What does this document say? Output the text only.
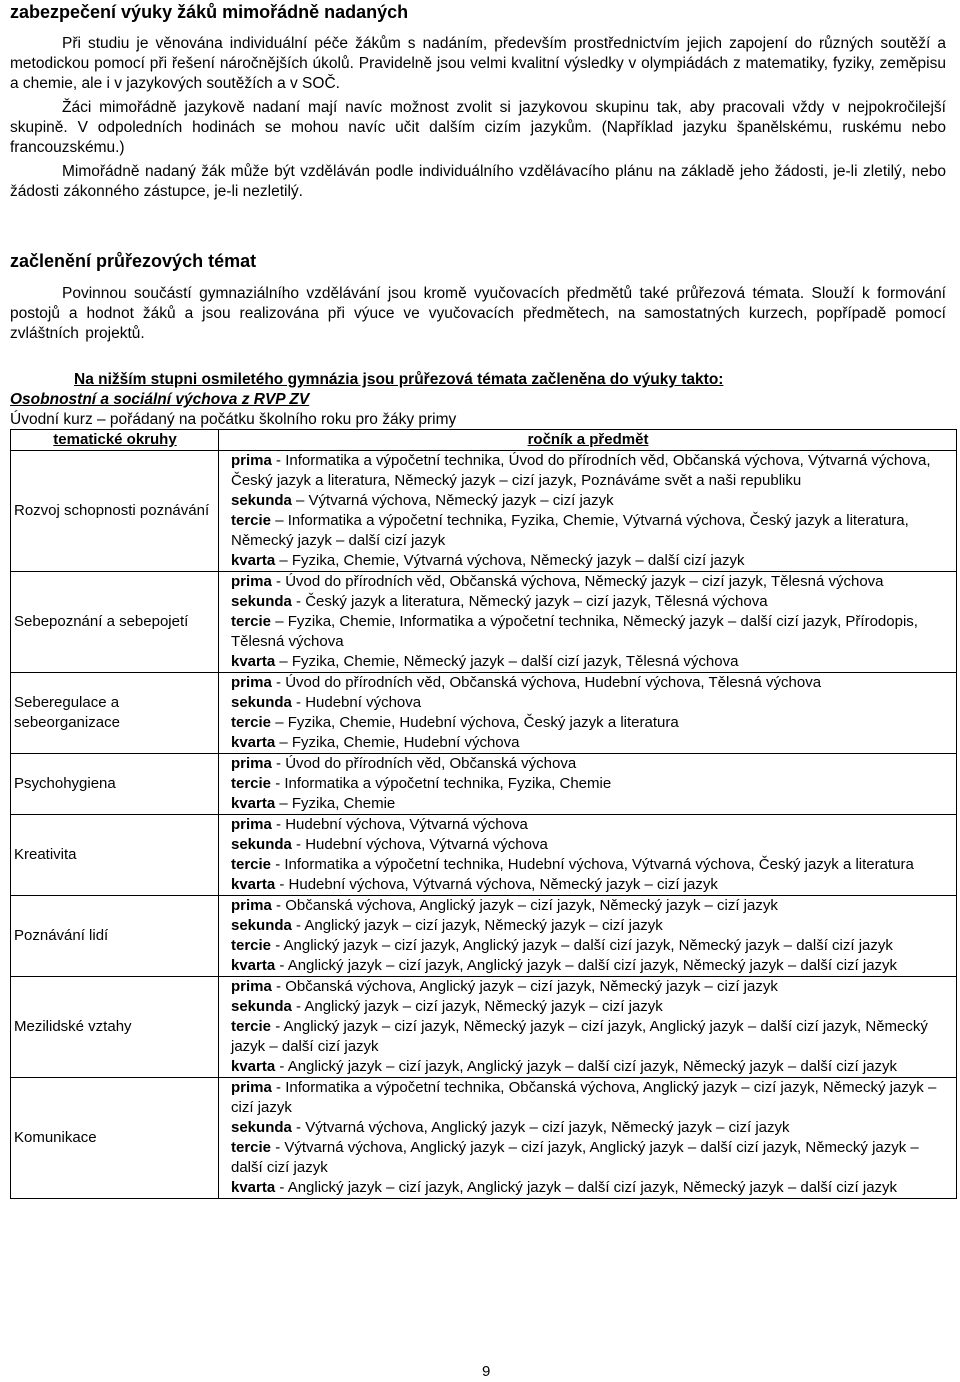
zabezpečení výuky žáků mimořádně nadaných

Při studiu je věnována individuální péče žákům s nadáním, především prostřednictvím jejich zapojení do různých soutěží a metodickou pomocí při řešení náročnějších úkolů. Pravidelně jsou velmi kvalitní výsledky v olympiádách z matematiky, fyziky, zeměpisu a chemie, ale i v jazykových soutěžích a v SOČ.

Žáci mimořádně jazykově nadaní mají navíc možnost zvolit si jazykovou skupinu tak, aby pracovali vždy v nejpokročilejší skupině. V odpoledních hodinách se mohou navíc učit dalším cizím jazykům. (Například jazyku španělskému, ruskému nebo francouzskému.)

Mimořádně nadaný žák může být vzděláván podle individuálního vzdělávacího plánu na základě jeho žádosti, je-li zletilý, nebo žádosti zákonného zástupce, je-li nezletilý.

začlenění průřezových témat

Povinnou součástí gymnaziálního vzdělávání jsou kromě vyučovacích předmětů také průřezová témata. Slouží k formování postojů a hodnot žáků a jsou realizována při výuce ve vyučovacích předmětech, na samostatných kurzech, popřípadě pomocí zvláštních projektů.

Na nižším stupni osmiletého gymnázia jsou průřezová témata začleněna do výuky takto:
Osobnostní a sociální výchova z RVP ZV
Úvodní kurz – pořádaný na počátku školního roku pro žáky primy
tematické okruhy	ročník a předmět
Rozvoj schopnosti poznávání	prima - Informatika a výpočetní technika, Úvod do přírodních věd, Občanská výchova, Výtvarná výchova, Český jazyk a literatura, Německý jazyk – cizí jazyk, Poznáváme svět a naši republiku
sekunda – Výtvarná výchova, Německý jazyk – cizí jazyk
tercie – Informatika a výpočetní technika, Fyzika, Chemie, Výtvarná výchova, Český jazyk a literatura, Německý jazyk – další cizí jazyk
kvarta – Fyzika, Chemie, Výtvarná výchova, Německý jazyk – další cizí jazyk

Sebepoznání a sebepojetí	prima - Úvod do přírodních věd, Občanská výchova, Německý jazyk – cizí jazyk, Tělesná výchova
sekunda - Český jazyk a literatura, Německý jazyk – cizí jazyk, Tělesná výchova
tercie – Fyzika, Chemie, Informatika a výpočetní technika, Německý jazyk – další cizí jazyk, Přírodopis, Tělesná výchova
kvarta – Fyzika, Chemie, Německý jazyk – další cizí jazyk, Tělesná výchova

Seberegulace a sebeorganizace	prima - Úvod do přírodních věd, Občanská výchova, Hudební výchova, Tělesná výchova
sekunda - Hudební výchova
tercie – Fyzika, Chemie, Hudební výchova, Český jazyk a literatura
kvarta – Fyzika, Chemie, Hudební výchova

Psychohygiena	prima - Úvod do přírodních věd, Občanská výchova
tercie - Informatika a výpočetní technika, Fyzika, Chemie
kvarta – Fyzika, Chemie

Kreativita	prima - Hudební výchova, Výtvarná výchova
sekunda - Hudební výchova, Výtvarná výchova
tercie - Informatika a výpočetní technika, Hudební výchova, Výtvarná výchova, Český jazyk a literatura
kvarta - Hudební výchova, Výtvarná výchova, Německý jazyk – cizí jazyk

Poznávání lidí	prima - Občanská výchova, Anglický jazyk – cizí jazyk, Německý jazyk – cizí jazyk
sekunda - Anglický jazyk – cizí jazyk, Německý jazyk – cizí jazyk
tercie - Anglický jazyk – cizí jazyk, Anglický jazyk – další cizí jazyk, Německý jazyk – další cizí jazyk
kvarta - Anglický jazyk – cizí jazyk, Anglický jazyk – další cizí jazyk, Německý jazyk – další cizí jazyk

Mezilidské vztahy	prima - Občanská výchova, Anglický jazyk – cizí jazyk, Německý jazyk – cizí jazyk
sekunda - Anglický jazyk – cizí jazyk, Německý jazyk – cizí jazyk
tercie - Anglický jazyk – cizí jazyk, Německý jazyk – cizí jazyk, Anglický jazyk – další cizí jazyk, Německý jazyk – další cizí jazyk
kvarta - Anglický jazyk – cizí jazyk, Anglický jazyk – další cizí jazyk, Německý jazyk – další cizí jazyk

Komunikace	prima - Informatika a výpočetní technika, Občanská výchova, Anglický jazyk – cizí jazyk, Německý jazyk – cizí jazyk
sekunda - Výtvarná výchova, Anglický jazyk – cizí jazyk, Německý jazyk – cizí jazyk
tercie - Výtvarná výchova, Anglický jazyk – cizí jazyk, Anglický jazyk – další cizí jazyk, Německý jazyk – další cizí jazyk
kvarta - Anglický jazyk – cizí jazyk, Anglický jazyk – další cizí jazyk, Německý jazyk – další cizí jazyk
9
